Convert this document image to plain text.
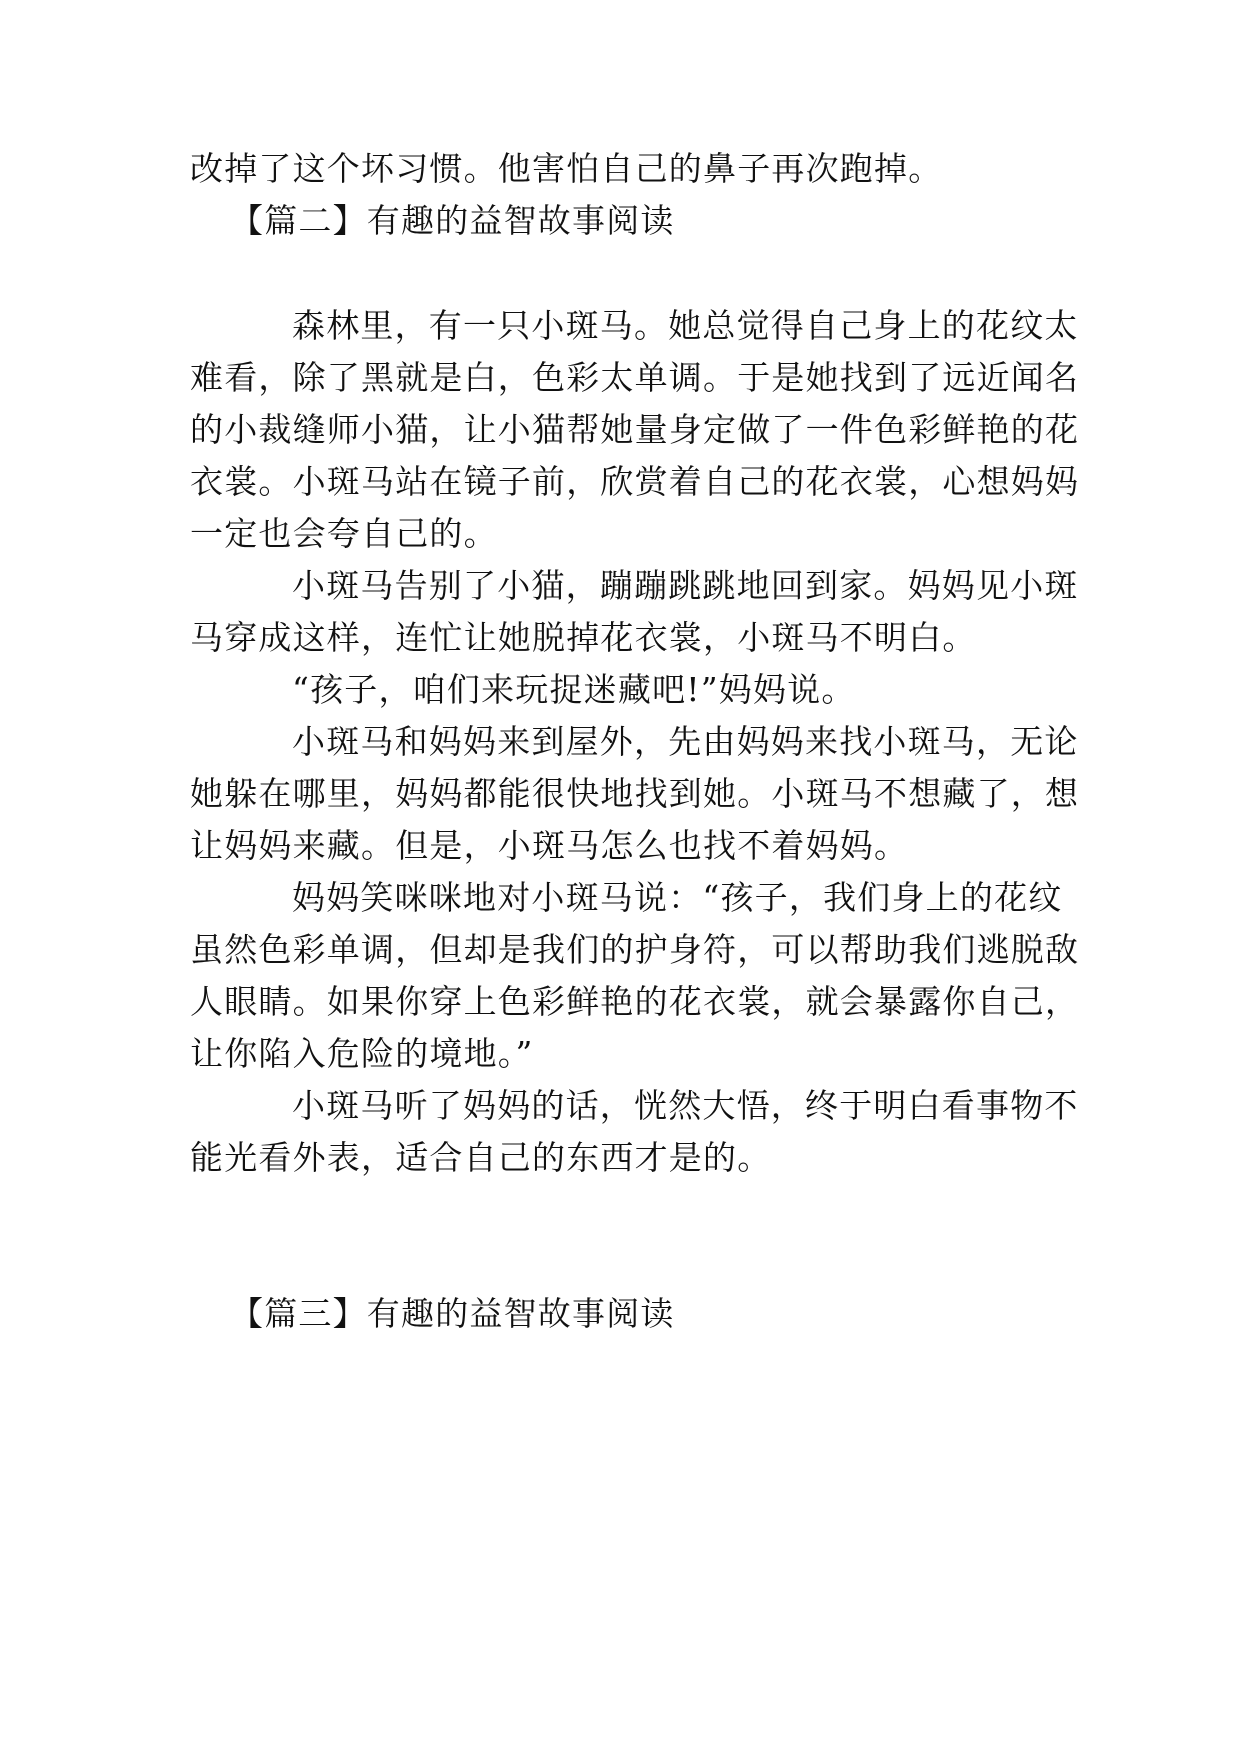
改掉了这个坏习惯。他害怕自己的鼻子再次跑掉。
【篇二】有趣的益智故事阅读
森林里，有一只小斑马。她总觉得自己身上的花纹太
难看，除了黑就是白，色彩太单调。于是她找到了远近闻名
的小裁缝师小猫，让小猫帮她量身定做了一件色彩鲜艳的花
衣裳。小斑马站在镜子前，欣赏着自己的花衣裳，心想妈妈
一定也会夸自己的。
小斑马告别了小猫，蹦蹦跳跳地回到家。妈妈见小斑
马穿成这样，连忙让她脱掉花衣裳，小斑马不明白。
“孩子，咱们来玩捉迷藏吧!”妈妈说。
小斑马和妈妈来到屋外，先由妈妈来找小斑马，无论
她躲在哪里，妈妈都能很快地找到她。小斑马不想藏了，想
让妈妈来藏。但是，小斑马怎么也找不着妈妈。
妈妈笑咪咪地对小斑马说：“孩子，我们身上的花纹
虽然色彩单调，但却是我们的护身符，可以帮助我们逃脱敌
人眼睛。如果你穿上色彩鲜艳的花衣裳，就会暴露你自己，
让你陷入危险的境地。”
小斑马听了妈妈的话，恍然大悟，终于明白看事物不
能光看外表，适合自己的东西才是的。
【篇三】有趣的益智故事阅读
